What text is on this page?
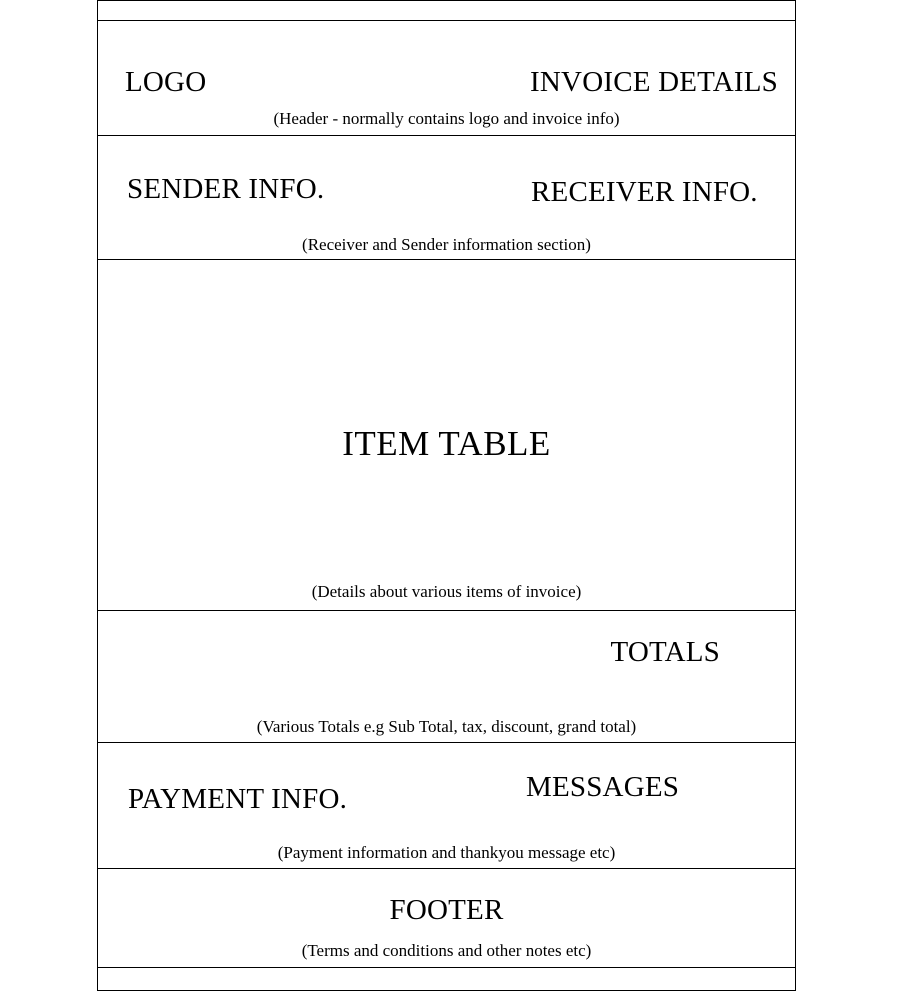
LOGO	INVOICE DETAILS
(Header - normally contains logo and invoice info)
SENDER INFO.	RECEIVER INFO.
(Receiver and Sender information section)
ITEM TABLE
(Details about various items of invoice)
TOTALS
(Various Totals e.g Sub Total, tax, discount, grand total)
PAYMENT INFO.	MESSAGES
(Payment information and thankyou message etc)
FOOTER
(Terms and conditions and other notes etc)
